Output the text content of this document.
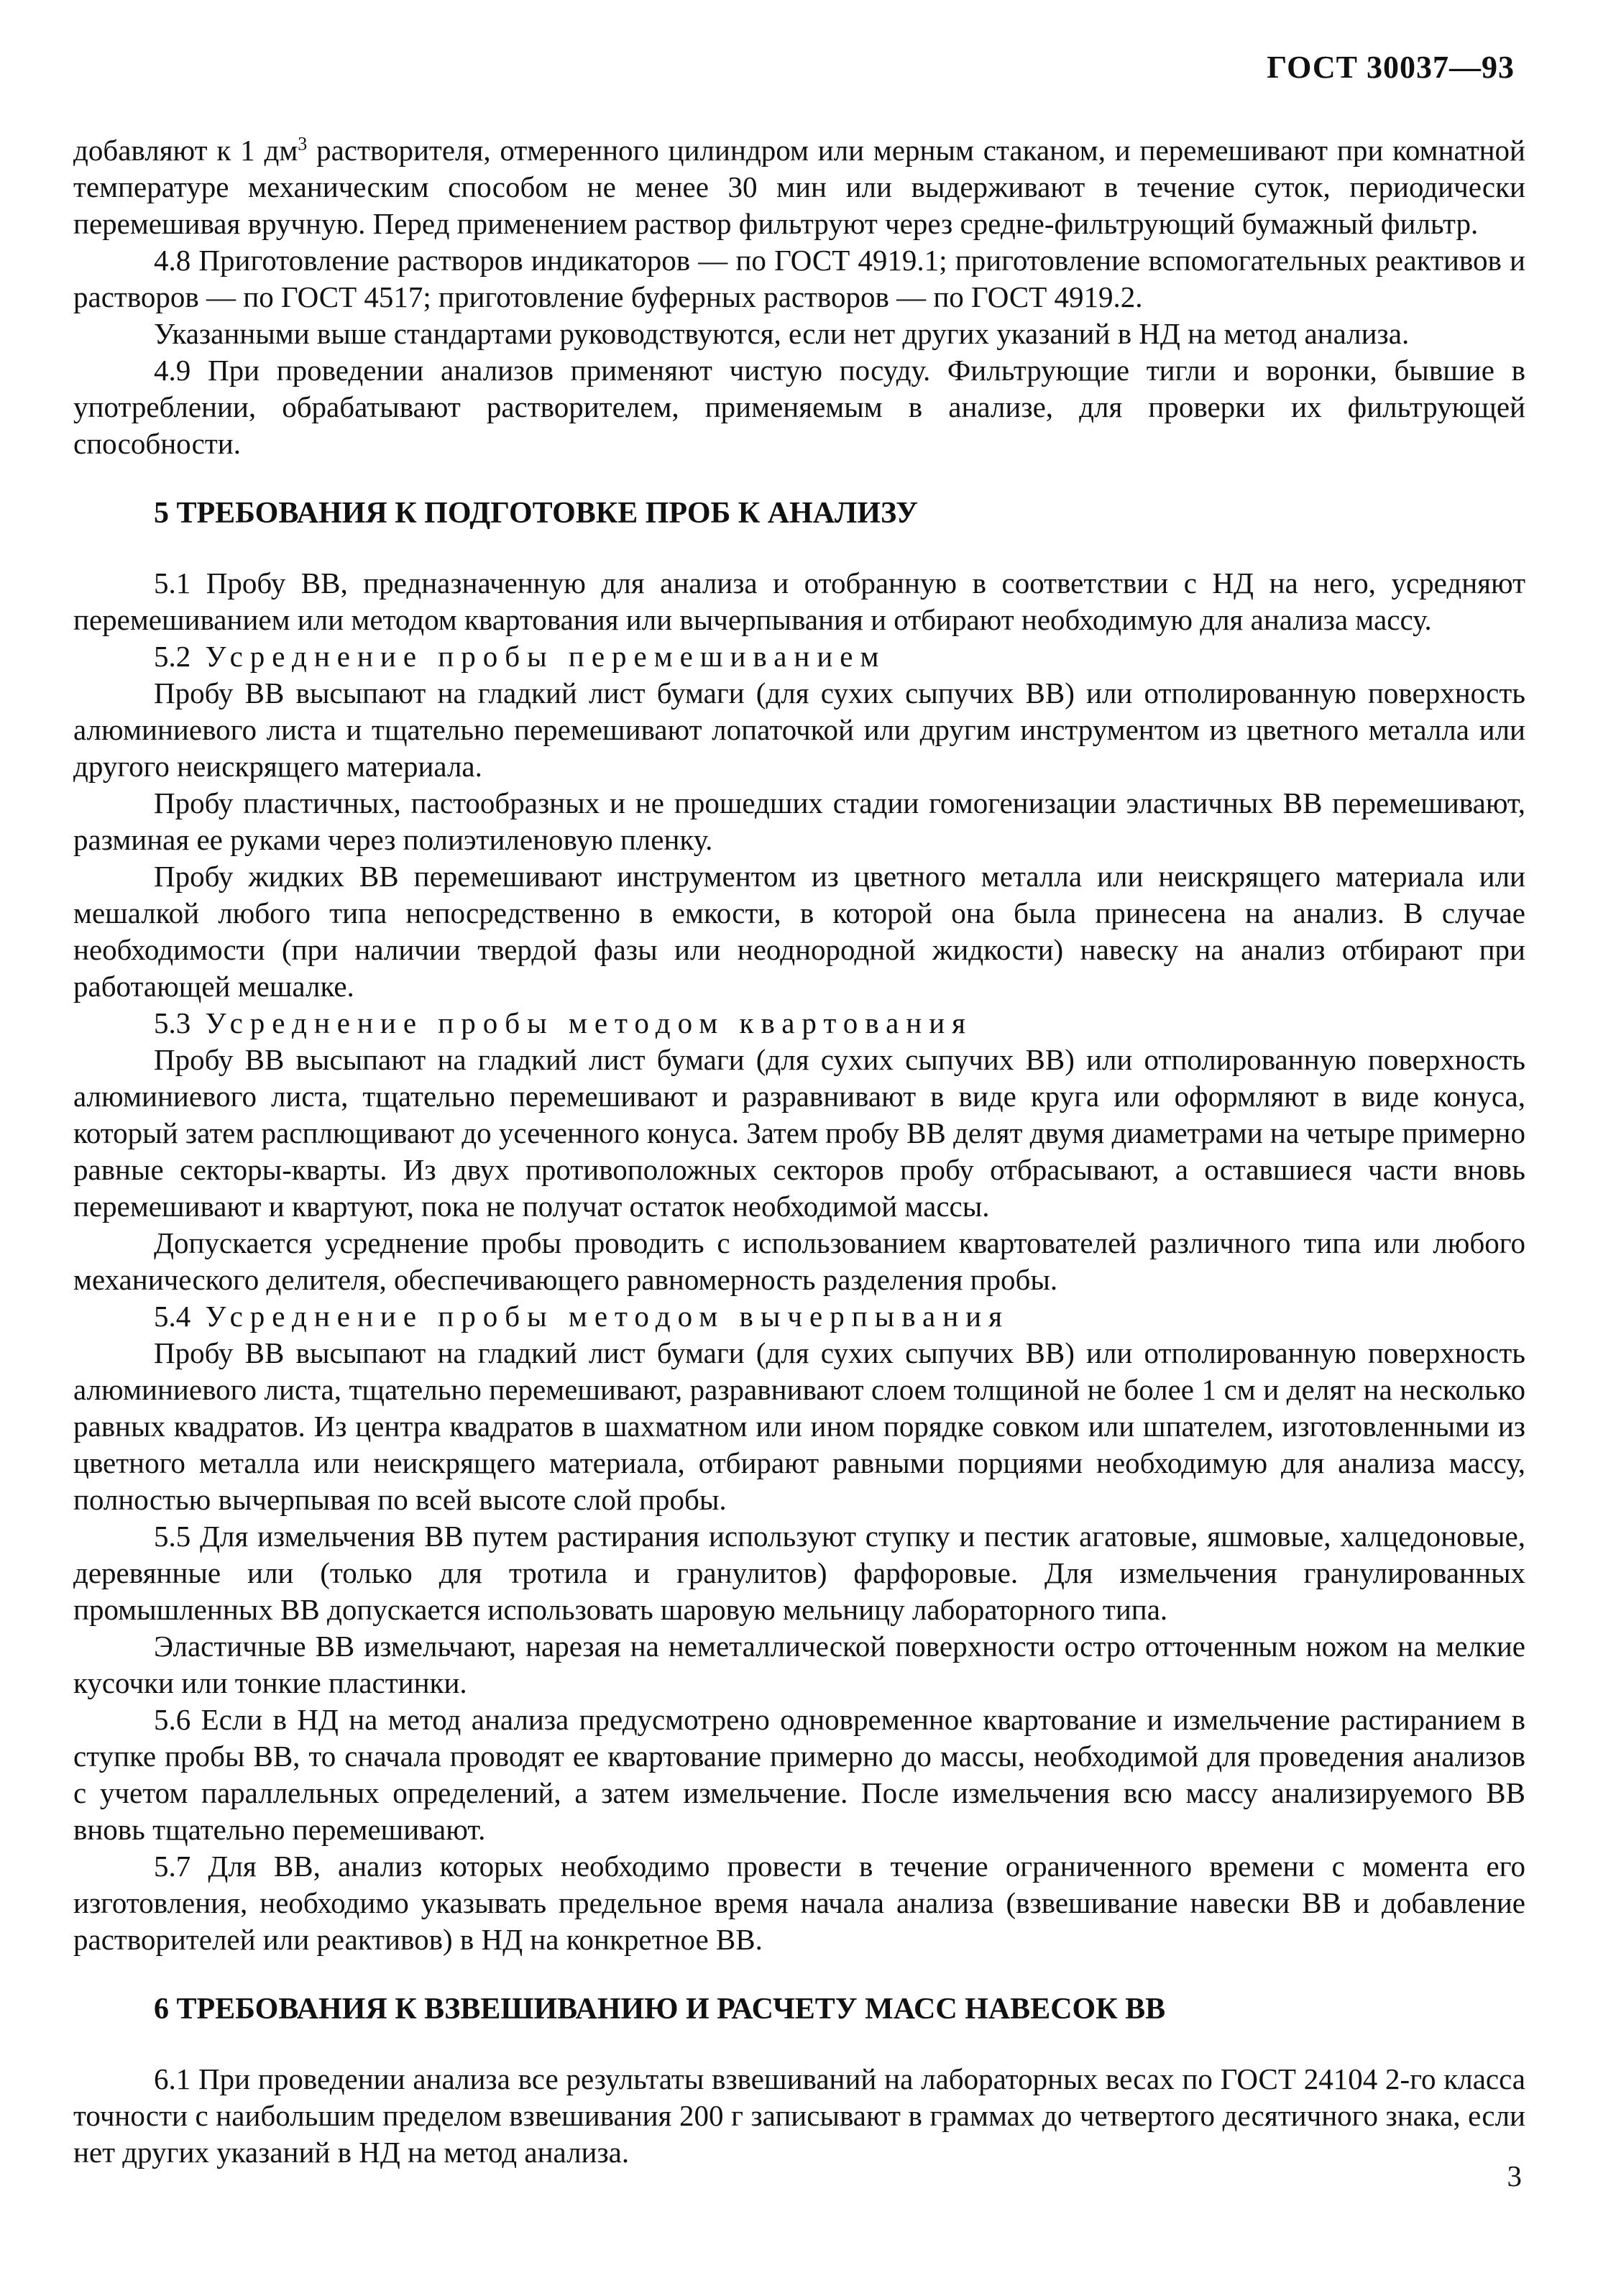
ГОСТ 30037—93

добавляют к 1 $дм^3$ растворителя, отмеренного цилиндром или мерным стаканом, и перемешивают при комнатной температуре механическим способом не менее 30 мин или выдерживают в течение суток, периодически перемешивая вручную. Перед применением раствор фильтруют через средне-фильтрующий бумажный фильтр.

4.8 Приготовление растворов индикаторов — по ГОСТ 4919.1; приготовление вспомогательных реактивов и растворов — по ГОСТ 4517; приготовление буферных растворов — по ГОСТ 4919.2.

Указанными выше стандартами руководствуются, если нет других указаний в НД на метод анализа.

4.9 При проведении анализов применяют чистую посуду. Фильтрующие тигли и воронки, бывшие в употреблении, обрабатывают растворителем, применяемым в анализе, для проверки их фильтрующей способности.

5 ТРЕБОВАНИЯ К ПОДГОТОВКЕ ПРОБ К АНАЛИЗУ

5.1 Пробу ВВ, предназначенную для анализа и отобранную в соответствии с НД на него, усредняют перемешиванием или методом квартования или вычерпывания и отбирают необходимую для анализа массу.

5.2 Усреднение пробы перемешиванием

Пробу ВВ высыпают на гладкий лист бумаги (для сухих сыпучих ВВ) или отполированную поверхность алюминиевого листа и тщательно перемешивают лопаточкой или другим инструментом из цветного металла или другого неискрящего материала.

Пробу пластичных, пастообразных и не прошедших стадии гомогенизации эластичных ВВ перемешивают, разминая ее руками через полиэтиленовую пленку.

Пробу жидких ВВ перемешивают инструментом из цветного металла или неискрящего материала или мешалкой любого типа непосредственно в емкости, в которой она была принесена на анализ. В случае необходимости (при наличии твердой фазы или неоднородной жидкости) навеску на анализ отбирают при работающей мешалке.

5.3 Усреднение пробы методом квартования

Пробу ВВ высыпают на гладкий лист бумаги (для сухих сыпучих ВВ) или отполированную поверхность алюминиевого листа, тщательно перемешивают и разравнивают в виде круга или оформляют в виде конуса, который затем расплющивают до усеченного конуса. Затем пробу ВВ делят двумя диаметрами на четыре примерно равные секторы-кварты. Из двух противоположных секторов пробу отбрасывают, а оставшиеся части вновь перемешивают и квартуют, пока не получат остаток необходимой массы.

Допускается усреднение пробы проводить с использованием квартователей различного типа или любого механического делителя, обеспечивающего равномерность разделения пробы.

5.4 Усреднение пробы методом вычерпывания

Пробу ВВ высыпают на гладкий лист бумаги (для сухих сыпучих ВВ) или отполированную поверхность алюминиевого листа, тщательно перемешивают, разравнивают слоем толщиной не более 1 см и делят на несколько равных квадратов. Из центра квадратов в шахматном или ином порядке совком или шпателем, изготовленными из цветного металла или неискрящего материала, отбирают равными порциями необходимую для анализа массу, полностью вычерпывая по всей высоте слой пробы.

5.5 Для измельчения ВВ путем растирания используют ступку и пестик агатовые, яшмовые, халцедоновые, деревянные или (только для тротила и гранулитов) фарфоровые. Для измельчения гранулированных промышленных ВВ допускается использовать шаровую мельницу лабораторного типа.

Эластичные ВВ измельчают, нарезая на неметаллической поверхности остро отточенным ножом на мелкие кусочки или тонкие пластинки.

5.6 Если в НД на метод анализа предусмотрено одновременное квартование и измельчение растиранием в ступке пробы ВВ, то сначала проводят ее квартование примерно до массы, необходимой для проведения анализов с учетом параллельных определений, а затем измельчение. После измельчения всю массу анализируемого ВВ вновь тщательно перемешивают.

5.7 Для ВВ, анализ которых необходимо провести в течение ограниченного времени с момента его изготовления, необходимо указывать предельное время начала анализа (взвешивание навески ВВ и добавление растворителей или реактивов) в НД на конкретное ВВ.

6 ТРЕБОВАНИЯ К ВЗВЕШИВАНИЮ И РАСЧЕТУ МАСС НАВЕСОК ВВ

6.1 При проведении анализа все результаты взвешиваний на лабораторных весах по ГОСТ 24104 2-го класса точности с наибольшим пределом взвешивания 200 г записывают в граммах до четвертого десятичного знака, если нет других указаний в НД на метод анализа.

3
